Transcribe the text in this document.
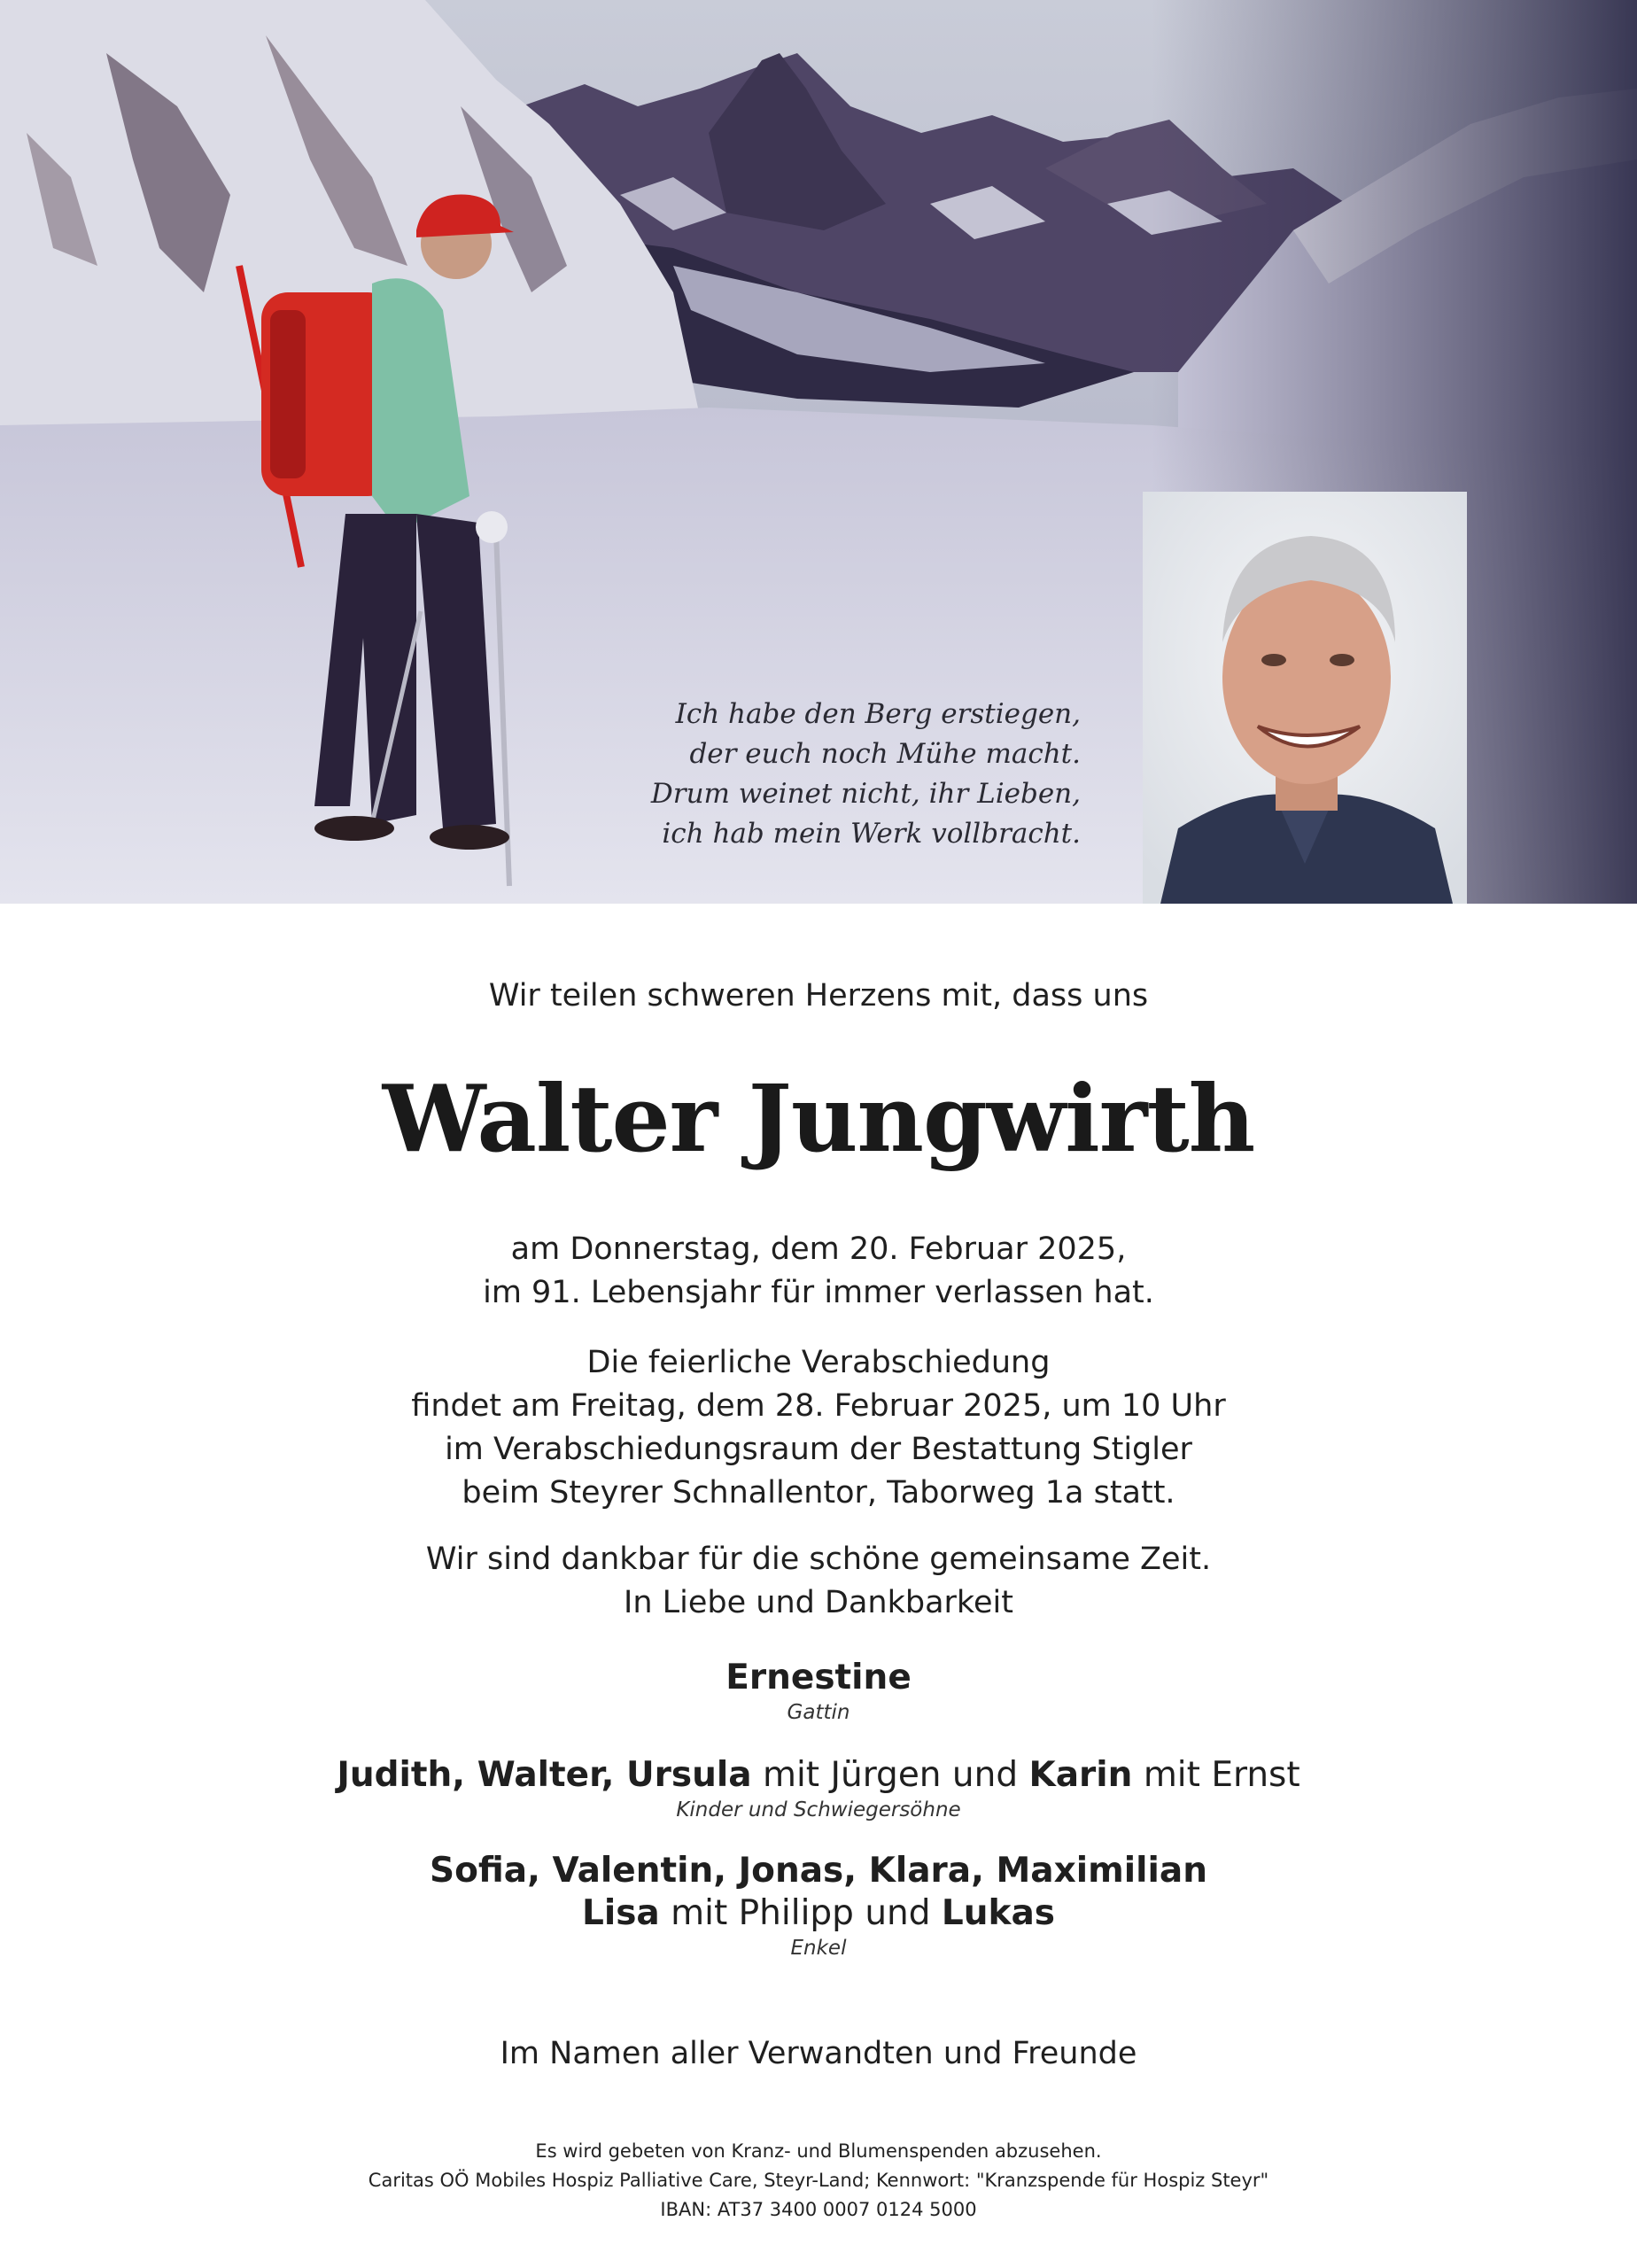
Ich habe den Berg erstiegen,
der euch noch Mühe macht.
Drum weinet nicht, ihr Lieben,
ich hab mein Werk vollbracht.
Wir teilen schweren Herzens mit, dass uns
Walter Jungwirth
am Donnerstag, dem 20. Februar 2025,
im 91. Lebensjahr für immer verlassen hat.
Die feierliche Verabschiedung
findet am Freitag, dem 28. Februar 2025, um 10 Uhr
im Verabschiedungsraum der Bestattung Stigler
beim Steyrer Schnallentor, Taborweg 1a statt.
Wir sind dankbar für die schöne gemeinsame Zeit.
In Liebe und Dankbarkeit
Ernestine
Gattin
Judith, Walter, Ursula mit Jürgen und Karin mit Ernst
Kinder und Schwiegersöhne
Sofia, Valentin, Jonas, Klara, Maximilian
Lisa mit Philipp und Lukas
Enkel
Im Namen aller Verwandten und Freunde
Es wird gebeten von Kranz- und Blumenspenden abzusehen.
Caritas OÖ Mobiles Hospiz Palliative Care, Steyr-Land; Kennwort: "Kranzspende für Hospiz Steyr"
IBAN: AT37 3400 0007 0124 5000
